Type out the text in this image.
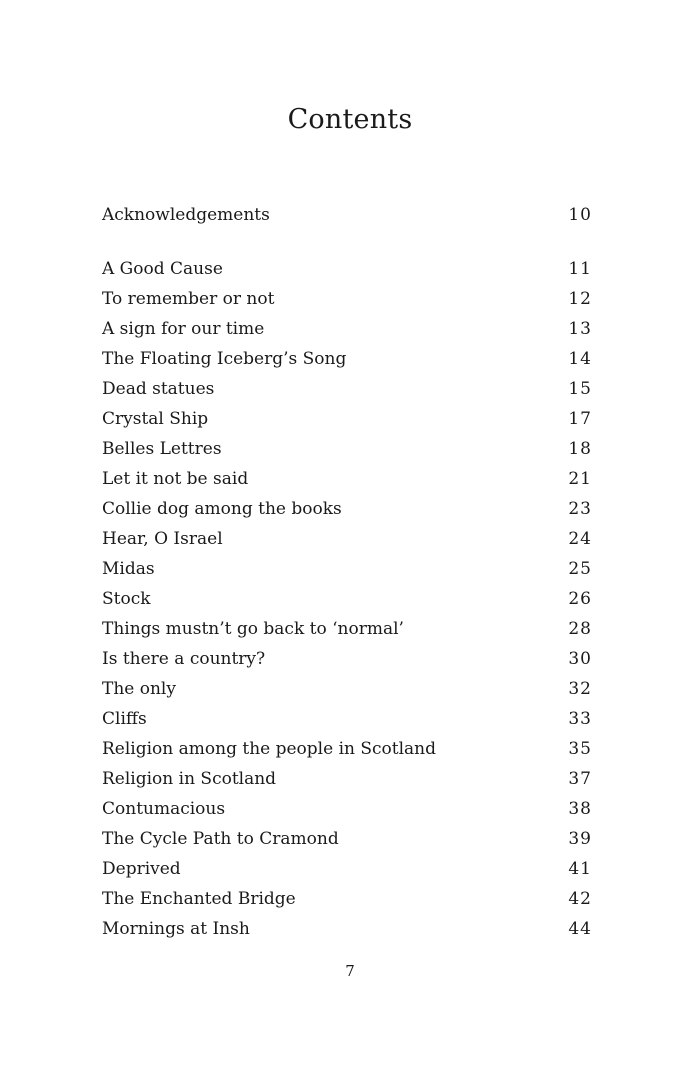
Contents
Acknowledgements	10
A Good Cause	11
To remember or not	12
A sign for our time	13
The Floating Iceberg’s Song	14
Dead statues	15
Crystal Ship	17
Belles Lettres	18
Let it not be said	21
Collie dog among the books	23
Hear, O Israel	24
Midas	25
Stock	26
Things mustn’t go back to ‘normal’	28
Is there a country?	30
The only	32
Cliffs	33
Religion among the people in Scotland	35
Religion in Scotland	37
Contumacious	38
The Cycle Path to Cramond	39
Deprived	41
The Enchanted Bridge	42
Mornings at Insh	44
7
